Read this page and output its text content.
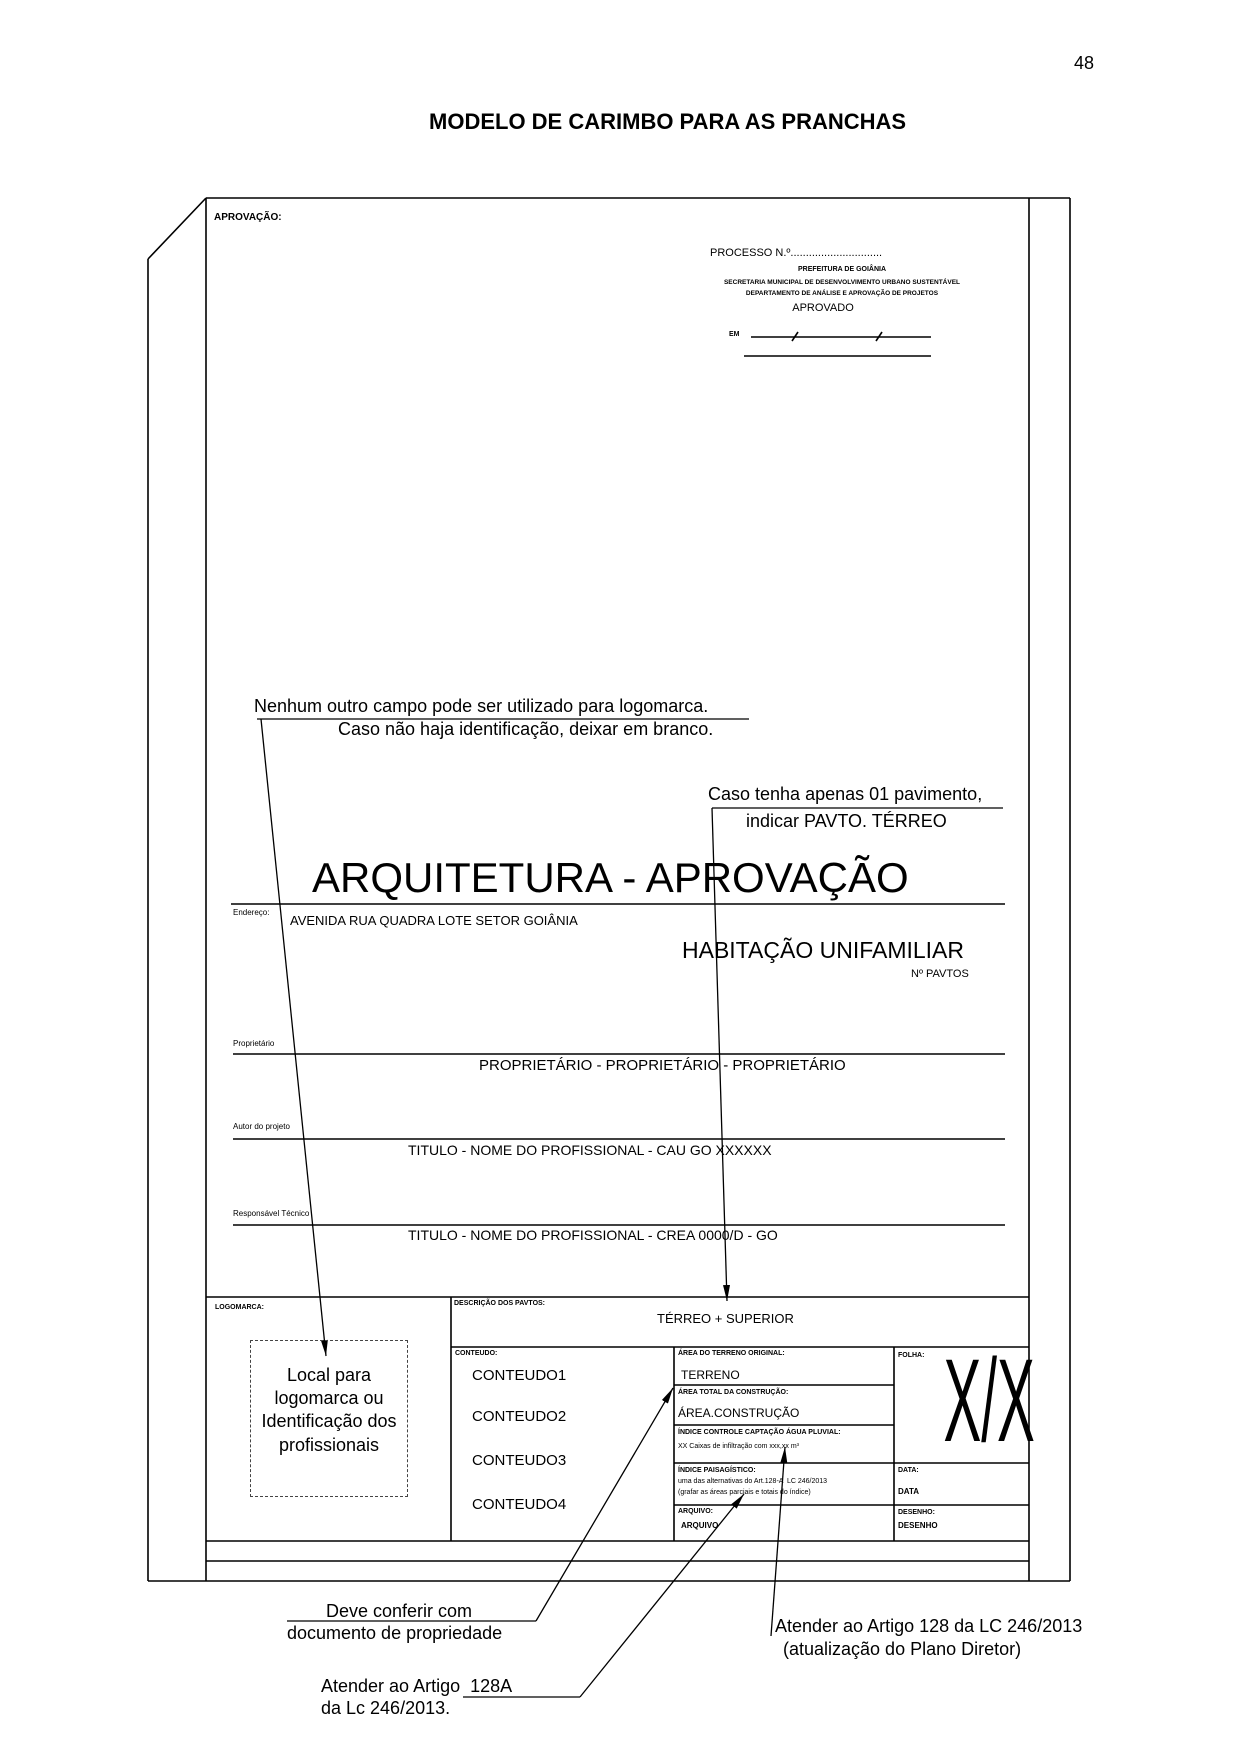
48
MODELO DE CARIMBO PARA AS PRANCHAS
APROVAÇÃO:
PROCESSO N.º..............................
PREFEITURA DE GOIÂNIA
SECRETARIA MUNICIPAL DE DESENVOLVIMENTO URBANO SUSTENTÁVEL
DEPARTAMENTO DE ANÁLISE E APROVAÇÃO DE PROJETOS
APROVADO
EM
Nenhum outro campo pode ser utilizado para logomarca.
Caso não haja identificação, deixar em branco.
Caso tenha apenas 01 pavimento,
indicar PAVTO. TÉRREO
ARQUITETURA - APROVAÇÃO
Endereço:
AVENIDA RUA QUADRA LOTE SETOR GOIÂNIA
HABITAÇÃO UNIFAMILIAR
Nº PAVTOS
Proprietário
PROPRIETÁRIO - PROPRIETÁRIO - PROPRIETÁRIO
Autor do projeto
TITULO - NOME DO PROFISSIONAL - CAU GO XXXXXX
Responsável Técnico
TITULO - NOME DO PROFISSIONAL - CREA 0000/D - GO
LOGOMARCA:
Local para
logomarca ou
Identificação dos
profissionais
DESCRIÇÃO DOS PAVTOS:
TÉRREO + SUPERIOR
CONTEUDO:
CONTEUDO1
CONTEUDO2
CONTEUDO3
CONTEUDO4
ÁREA DO TERRENO ORIGINAL:
TERRENO
ÁREA TOTAL DA CONSTRUÇÃO:
ÁREA.CONSTRUÇÃO
ÍNDICE CONTROLE CAPTAÇÃO ÁGUA PLUVIAL:
XX Caixas de infiltração com xxx,xx m³
ÍNDICE PAISAGÍSTICO:
uma das alternativas do Art.128-A  LC 246/2013
(grafar as áreas parciais e totais do índice)
ARQUIVO:
ARQUIVO
FOLHA: X/X
DATA:
DATA
DESENHO:
DESENHO
Deve conferir com
documento de propriedade	Atender ao Artigo 128 da LC 246/2013
(atualização do Plano Diretor)
Atender ao Artigo  128A
da Lc 246/2013.
